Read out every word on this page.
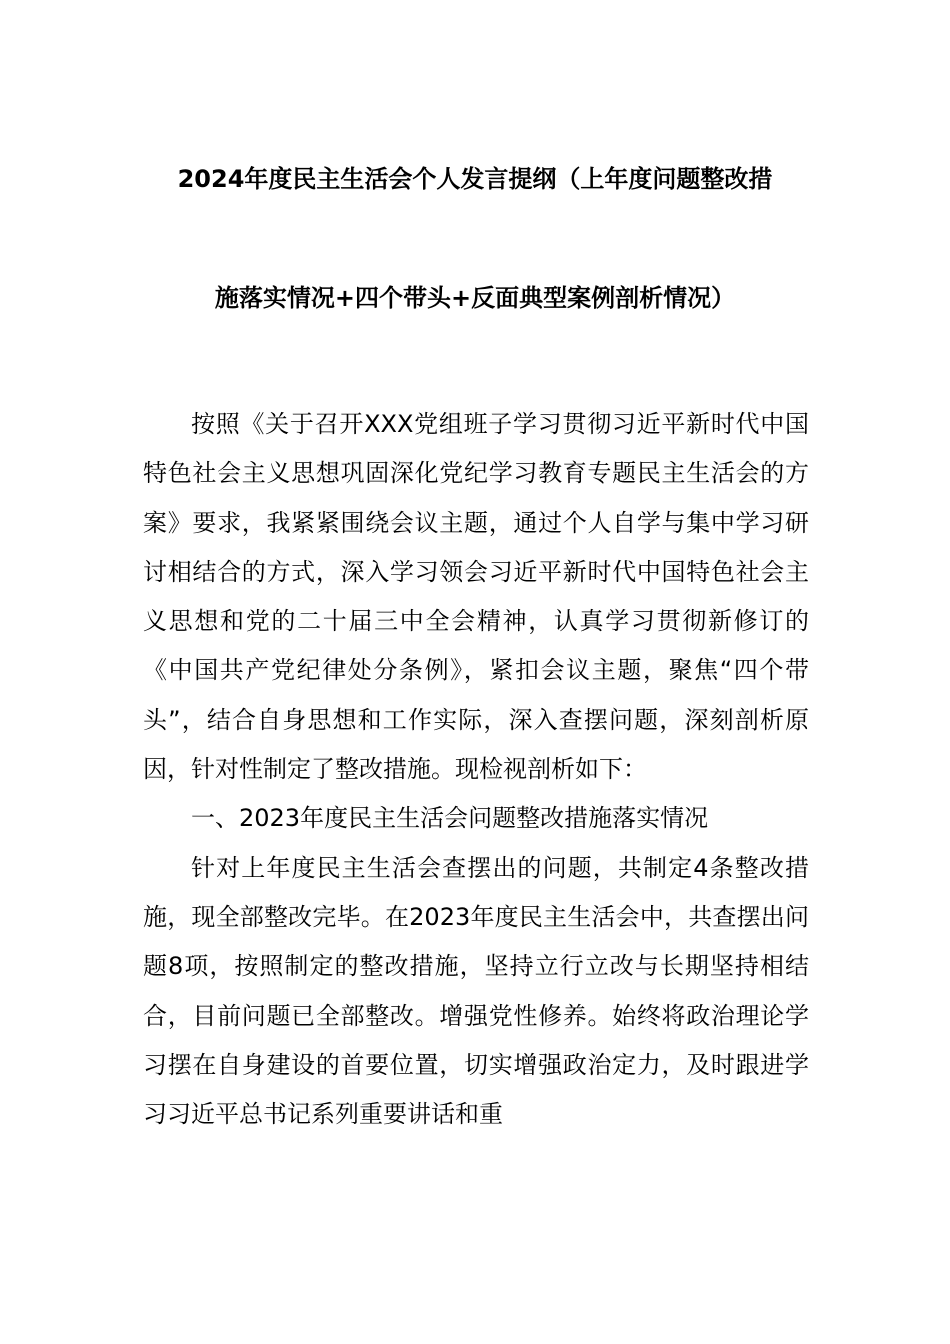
2024年度民主生活会个人发言提纲（上年度问题整改措
施落实情况+四个带头+反面典型案例剖析情况）

按照《关于召开XXX党组班子学习贯彻习近平新时代中国特色社会主义思想巩固深化党纪学习教育专题民主生活会的方案》要求，我紧紧围绕会议主题，通过个人自学与集中学习研讨相结合的方式，深入学习领会习近平新时代中国特色社会主义思想和党的二十届三中全会精神，认真学习贯彻新修订的《中国共产党纪律处分条例》，紧扣会议主题，聚焦“四个带头”，结合自身思想和工作实际，深入查摆问题，深刻剖析原因，针对性制定了整改措施。现检视剖析如下：

一、2023年度民主生活会问题整改措施落实情况

针对上年度民主生活会查摆出的问题，共制定4条整改措施，现全部整改完毕。在2023年度民主生活会中，共查摆出问题8项，按照制定的整改措施，坚持立行立改与长期坚持相结合，目前问题已全部整改。增强党性修养。始终将政治理论学习摆在自身建设的首要位置，切实增强政治定力，及时跟进学习习近平总书记系列重要讲话和重
